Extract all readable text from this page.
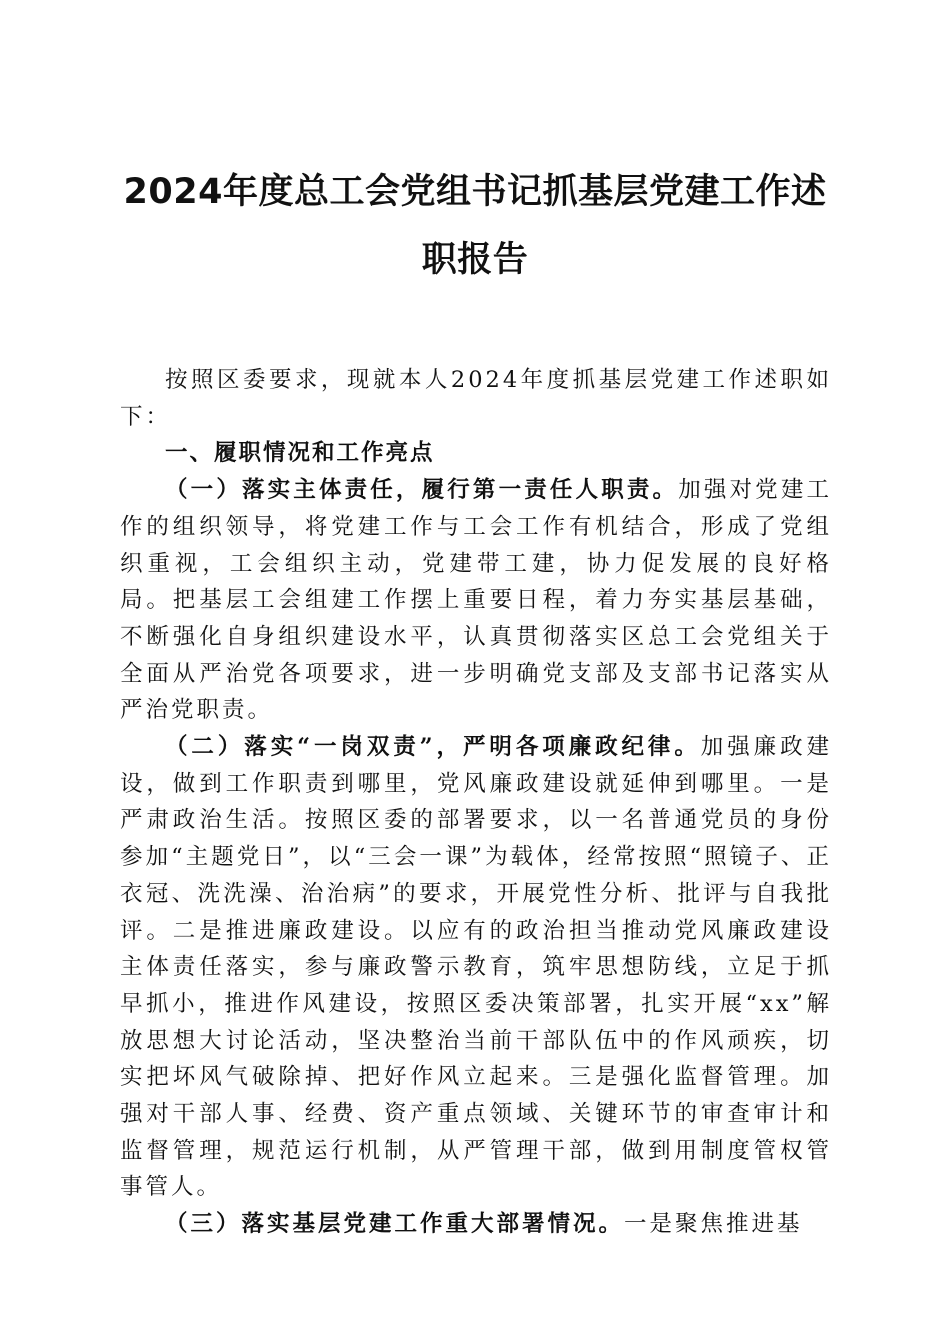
2024年度总工会党组书记抓基层党建工作述
职报告

按照区委要求，现就本人2024年度抓基层党建工作述职如下：

一、履职情况和工作亮点

（一）落实主体责任，履行第一责任人职责。加强对党建工作的组织领导，将党建工作与工会工作有机结合，形成了党组织重视，工会组织主动，党建带工建，协力促发展的良好格局。把基层工会组建工作摆上重要日程，着力夯实基层基础，不断强化自身组织建设水平，认真贯彻落实区总工会党组关于全面从严治党各项要求，进一步明确党支部及支部书记落实从严治党职责。

（二）落实“一岗双责”，严明各项廉政纪律。加强廉政建设，做到工作职责到哪里，党风廉政建设就延伸到哪里。一是严肃政治生活。按照区委的部署要求，以一名普通党员的身份参加“主题党日”，以“三会一课”为载体，经常按照“照镜子、正衣冠、洗洗澡、治治病”的要求，开展党性分析、批评与自我批评。二是推进廉政建设。以应有的政治担当推动党风廉政建设主体责任落实，参与廉政警示教育，筑牢思想防线，立足于抓早抓小，推进作风建设，按照区委决策部署，扎实开展“xx”解放思想大讨论活动，坚决整治当前干部队伍中的作风顽疾，切实把坏风气破除掉、把好作风立起来。三是强化监督管理。加强对干部人事、经费、资产重点领域、关键环节的审查审计和监督管理，规范运行机制，从严管理干部，做到用制度管权管事管人。

（三）落实基层党建工作重大部署情况。一是聚焦推进基
